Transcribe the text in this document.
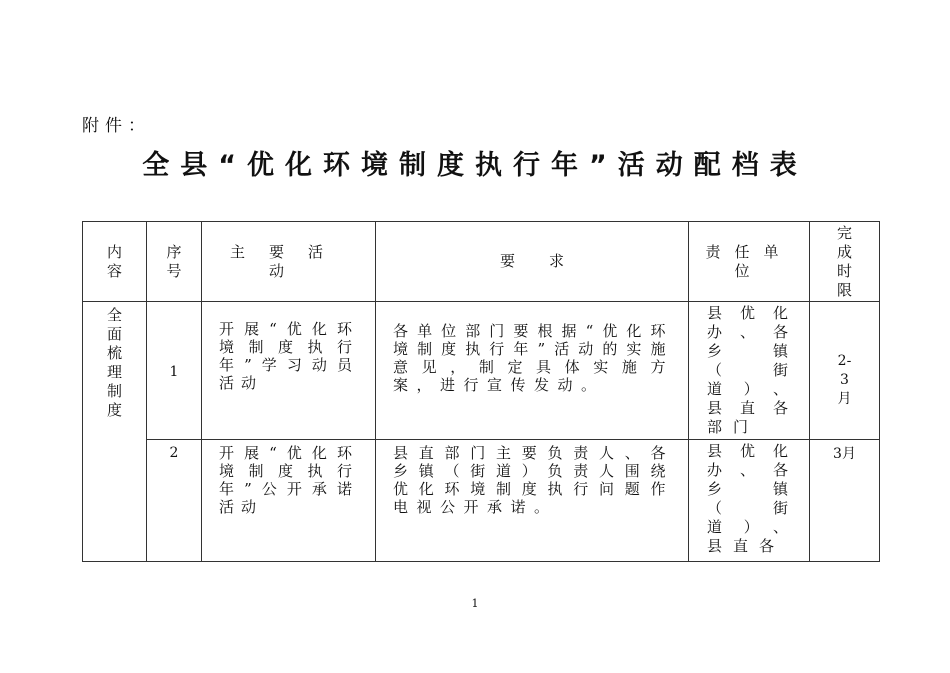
附件：
全县“优化环境制度执行年”活动配档表
内容	序号	主要活动	要求	责任单位	完成时限

全面梳理制度	1	开展“优化环境制度执行年”学习动员活动	各单位部门要根据“优化环境制度执行年”活动的实施意见，制定具体实施方案，进行宣传发动。	县优化办、各乡镇（街道）、县直各部门	2-3月

	2	开展“优化环境制度执行年”公开承诺活动	县直部门主要负责人、各乡镇（街道）负责人围绕优化环境制度执行问题作电视公开承诺。	县优化办、各乡镇（街道）、县直各	3月
1
